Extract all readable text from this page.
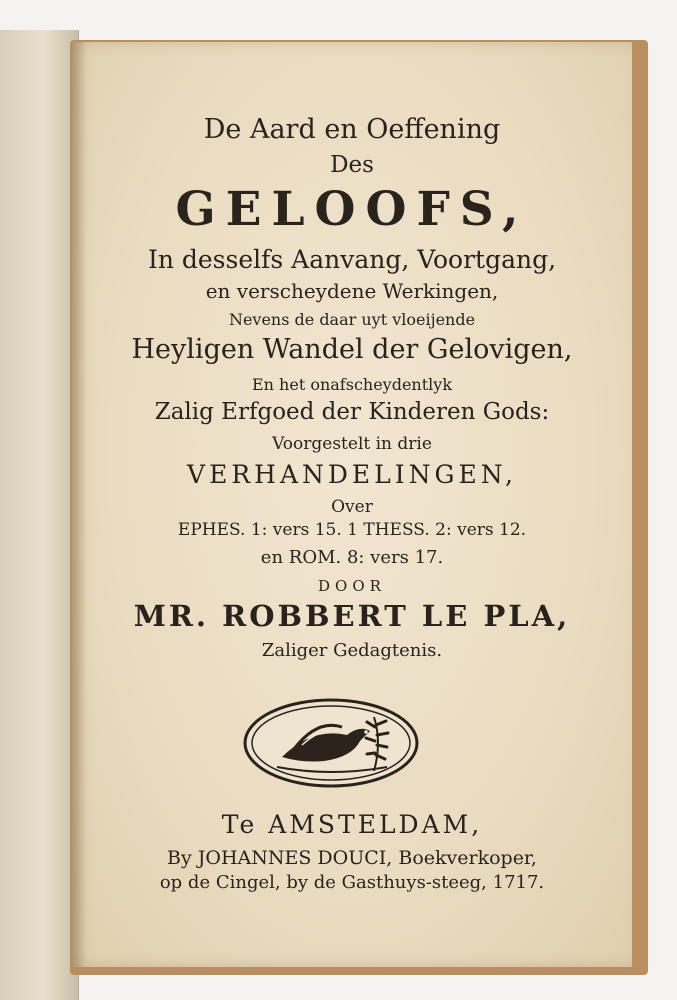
De Aard en Oeffening
Des
GELOOFS,
In desselfs Aanvang, Voortgang,
en verscheydene Werkingen,
Nevens de daar uyt vloeijende
Heyligen Wandel der Gelovigen,
En het onafscheydentlyk
Zalig Erfgoed der Kinderen Gods:
Voorgestelt in drie
VERHANDELINGEN,
Over
EPHES. 1: vers 15. 1 THESS. 2: vers 12.
en ROM. 8: vers 17.
DOOR
MR. ROBBERT LE PLA,
Zaliger Gedagtenis.
Te AMSTELDAM,
By JOHANNES DOUCI, Boekverkoper,
op de Cingel, by de Gasthuys-steeg, 1717.
